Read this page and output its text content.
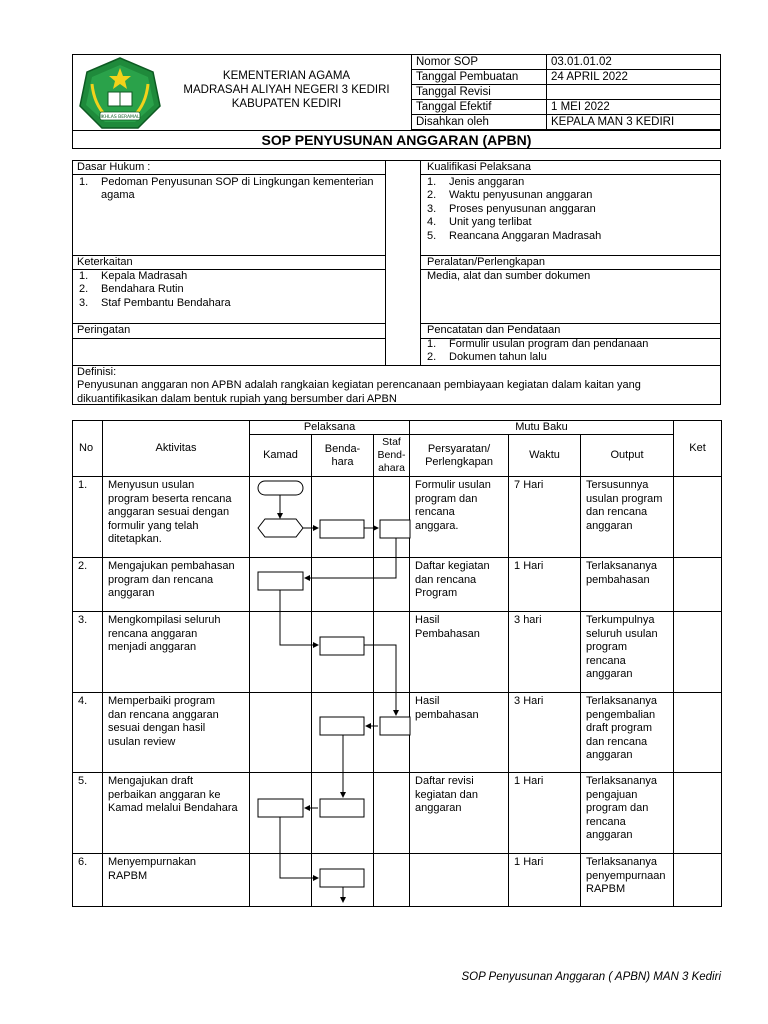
IKHLAS BERAMAL
KEMENTERIAN AGAMA
MADRASAH ALIYAH NEGERI 3 KEDIRI
KABUPATEN KEDIRI
Nomor SOP	03.01.01.02
Tanggal Pembuatan	24 APRIL 2022
Tanggal Revisi	
Tanggal Efektif	1 MEI 2022
Disahkan oleh	KEPALA MAN 3 KEDIRI
SOP PENYUSUNAN ANGGARAN (APBN)
Dasar Hukum :
1. Pedoman Penyusunan SOP di Lingkungan kementerian agama
Kualifikasi Pelaksana
1. Jenis anggaran
2. Waktu penyusunan anggaran
3. Proses penyusunan anggaran
4. Unit yang terlibat
5. Reancana Anggaran Madrasah
Keterkaitan
1. Kepala Madrasah
2. Bendahara Rutin
3. Staf Pembantu Bendahara
Peralatan/Perlengkapan
Media, alat dan sumber dokumen
Peringatan	Pencatatan dan Pendataan
1. Formulir usulan program dan pendanaan
2. Dokumen tahun lalu
Definisi:
Penyusunan anggaran non APBN adalah rangkaian kegiatan perencanaan pembiayaan kegiatan dalam kaitan yang dikuantifikasikan dalam bentuk rupiah yang bersumber dari APBN
No	Aktivitas	Pelaksana			Mutu Baku			Ket
		Kamad	Benda-
hara	Staf
Bend-
ahara	Persyaratan/
Perlengkapan	Waktu	Output	
1.	Menyusun usulan
program beserta rencana
anggaran sesuai dengan
formulir yang telah
ditetapkan.				Formulir usulan
program dan
rencana
anggara.	7 Hari	Tersusunnya
usulan program
dan rencana
anggaran	
2.	Mengajukan pembahasan
program dan rencana
anggaran				Daftar kegiatan
dan rencana
Program	1 Hari	Terlaksananya
pembahasan	
3.	Mengkompilasi seluruh
rencana anggaran
menjadi anggaran				Hasil
Pembahasan	3 hari	Terkumpulnya
seluruh usulan
program
rencana
anggaran	
4.	Memperbaiki program
dan rencana anggaran
sesuai dengan hasil
usulan review				Hasil
pembahasan	3 Hari	Terlaksananya
pengembalian
draft program
dan rencana
anggaran	
5.	Mengajukan draft
perbaikan anggaran ke
Kamad melalui Bendahara				Daftar revisi
kegiatan dan
anggaran	1 Hari	Terlaksananya
pengajuan
program dan
rencana
anggaran	
6.	Menyempurnakan
RAPBM					1 Hari	Terlaksananya
penyempurnaan
RAPBM	
SOP Penyusunan Anggaran ( APBN) MAN 3 Kediri
